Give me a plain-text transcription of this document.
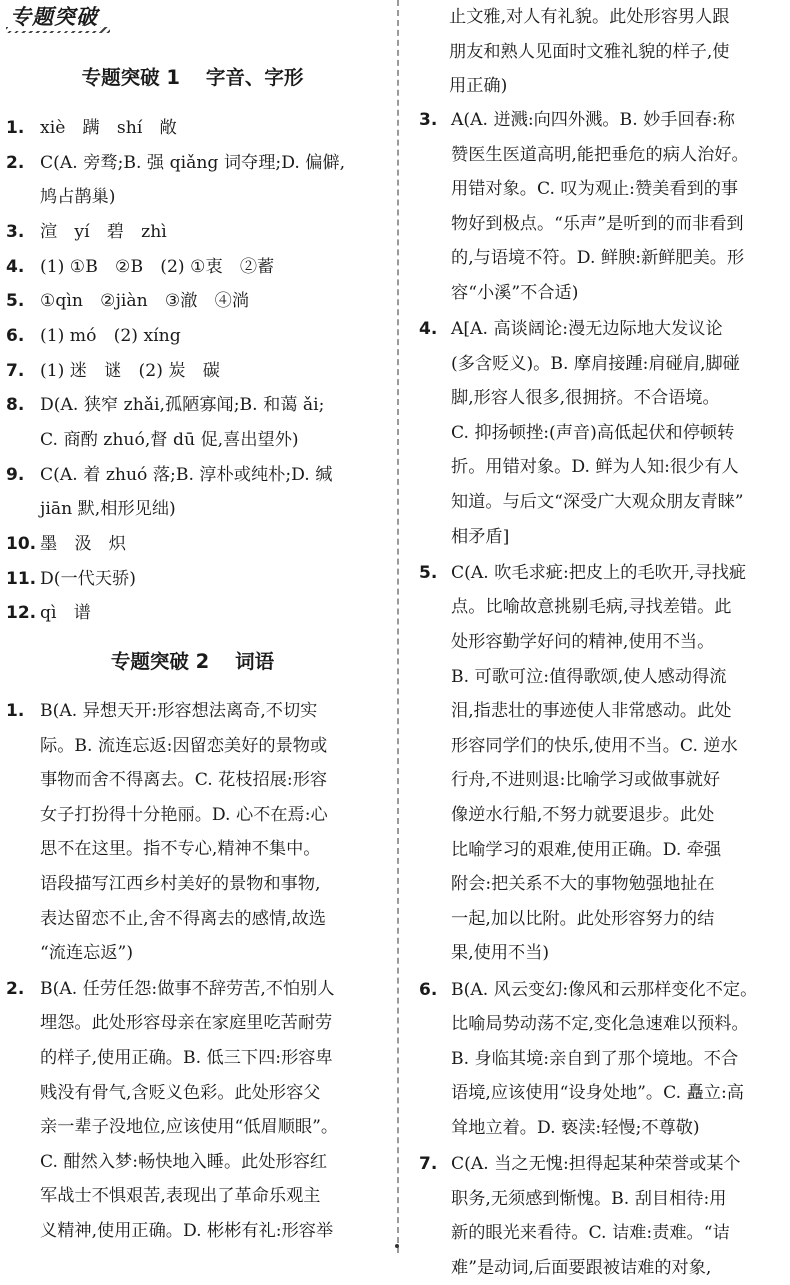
专题突破
专题突破 1 字音、字形
1. xiè　蹒　shí　敞
2. C(A. 旁骛;B. 强 qiǎng 词夺理;D. 偏僻,
鸠占鹊巢)
3. 渲　yí　碧　zhì
4. (1) ①B　②B　(2) ①衷　②蓄
5. ①qìn　②jiàn　③澈　④淌
6. (1) mó　(2) xíng
7. (1) 迷　谜　(2) 炭　碳
8. D(A. 狭窄 zhǎi,孤陋寡闻;B. 和蔼 ǎi;
C. 商酌 zhuó,督 dū 促,喜出望外)
9. C(A. 着 zhuó 落;B. 淳朴或纯朴;D. 缄
jiān 默,相形见绌)
10. 墨　汲　炽
11. D(一代天骄)
12. qì　谱
专题突破 2 词语
1. B(A. 异想天开:形容想法离奇,不切实
际。B. 流连忘返:因留恋美好的景物或
事物而舍不得离去。C. 花枝招展:形容
女子打扮得十分艳丽。D. 心不在焉:心
思不在这里。指不专心,精神不集中。
语段描写江西乡村美好的景物和事物,
表达留恋不止,舍不得离去的感情,故选
“流连忘返”)
2. B(A. 任劳任怨:做事不辞劳苦,不怕别人
埋怨。此处形容母亲在家庭里吃苦耐劳
的样子,使用正确。B. 低三下四:形容卑
贱没有骨气,含贬义色彩。此处形容父
亲一辈子没地位,应该使用“低眉顺眼”。
C. 酣然入梦:畅快地入睡。此处形容红
军战士不惧艰苦,表现出了革命乐观主
义精神,使用正确。D. 彬彬有礼:形容举
止文雅,对人有礼貌。此处形容男人跟
朋友和熟人见面时文雅礼貌的样子,使
用正确)
3. A(A. 迸溅:向四外溅。B. 妙手回春:称
赞医生医道高明,能把垂危的病人治好。
用错对象。C. 叹为观止:赞美看到的事
物好到极点。“乐声”是听到的而非看到
的,与语境不符。D. 鲜腴:新鲜肥美。形
容“小溪”不合适)
4. A[A. 高谈阔论:漫无边际地大发议论
(多含贬义)。B. 摩肩接踵:肩碰肩,脚碰
脚,形容人很多,很拥挤。不合语境。
C. 抑扬顿挫:(声音)高低起伏和停顿转
折。用错对象。D. 鲜为人知:很少有人
知道。与后文“深受广大观众朋友青睐”
相矛盾]
5. C(A. 吹毛求疵:把皮上的毛吹开,寻找疵
点。比喻故意挑剔毛病,寻找差错。此
处形容勤学好问的精神,使用不当。
B. 可歌可泣:值得歌颂,使人感动得流
泪,指悲壮的事迹使人非常感动。此处
形容同学们的快乐,使用不当。C. 逆水
行舟,不进则退:比喻学习或做事就好
像逆水行船,不努力就要退步。此处
比喻学习的艰难,使用正确。D. 牵强
附会:把关系不大的事物勉强地扯在
一起,加以比附。此处形容努力的结
果,使用不当)
6. B(A. 风云变幻:像风和云那样变化不定。
比喻局势动荡不定,变化急速难以预料。
B. 身临其境:亲自到了那个境地。不合
语境,应该使用“设身处地”。C. 矗立:高
耸地立着。D. 亵渎:轻慢;不尊敬)
7. C(A. 当之无愧:担得起某种荣誉或某个
职务,无须感到惭愧。B. 刮目相待:用
新的眼光来看待。C. 诘难:责难。“诘
难”是动词,后面要跟被诘难的对象,
